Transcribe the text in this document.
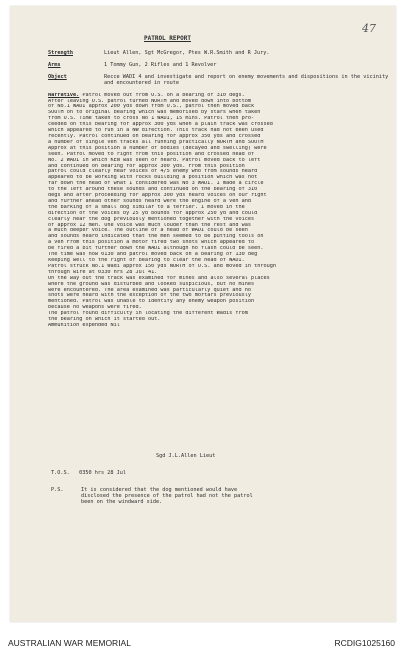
47
PATROL REPORT
Strength	Lieut Allen, Sgt McGregor, Ptes W.R.Smith and R Jury.
Arms	1 Tommy Gun, 2 Rifles and 1 Revolver
Object	Recce WADI 4 and investigate and report on enemy movements and dispositions in the vicinity and encountered in route
Narrative. Patrol moved out from O.S. on a bearing of 310 degs.
After leaving O.S. patrol turned NORTH and moved down into bottom
of No.1 WADI approx 200 yds down from O.S., patrol then moved back
SOUTH on to original bearing which was memorised by stars when taken
from O.S. Time taken to cross No 1 WADI, 15 mins. Patrol then pro-
ceeded on this bearing for approx 300 yds when a plain track was crossed
which appeared to run in a NW direction. This track had not been used
recently. Patrol continued on bearing for approx 350 yds and crossed
a number of single veh tracks all running practically NORTH and SOUTH
Approx at this position a number of bodies (decayed and swelling) were
seen. Patrol moved to right from this position and crossed head of
No. 2 WADI in which KEN was seen or heard. Patrol moved back to left
and continued on bearing for approx 300 yds. From this position
patrol could clearly hear voices of 4/5 enemy who from sounds heard
appeared to be working with rocks building a position which was not
far down the head of what I considered was No 3 WADI. I made a circle
to the left around these sounds and continued on the bearing of 310
degs and after proceeding for approx 300 yds heard voices on our right
and further ahead other sounds heard were the engine of a veh and
the barking of a small dog similar to a terrier. I moved in the
direction of the voices by 25 yd bounds for approx 250 yd and could
clearly hear the dog previously mentioned together with the voices
of approx 12 men. One voice was much louder than the rest and was
a much deeper voice. The outline of a head of WADI could be seen
and sounds heard indicated that the men seemed to be putting tools on
a veh From this position a motor fired two shots which appeared to
be fired a bit further down the WADI although no flash could be seen.
The time was now 0130 and patrol moved back on a bearing of 130 deg
keeping well to the right of bearing to clear the head of WADI.
Patrol struck No.1 Wadi approx 150 yds NORTH of O.S. and moved in through
through wire at 0330 hrs 28 Jul 41.
On the way out the track was examined for mines and also several places
where the ground was disturbed and looked suspicious, but no mines
were encountered. The area examined was particularly quiet and no
shots were heard with the exception of the two mortars previously
mentioned. Patrol was unable to identify any enemy weapon position
because no weapons were fired.
The patrol found difficulty in locating the different Wadis from
the bearing on which it started out.
Ammunition expended Nil
Sgd J.L.Allen Lieut
T.O.S. 0350 hrs 28 Jul
P.S.	It is considered that the dog mentioned would have
disclosed the presence of the patrol had not the patrol
been on the windward side.
AUSTRALIAN WAR MEMORIAL	RCDIG1025160
